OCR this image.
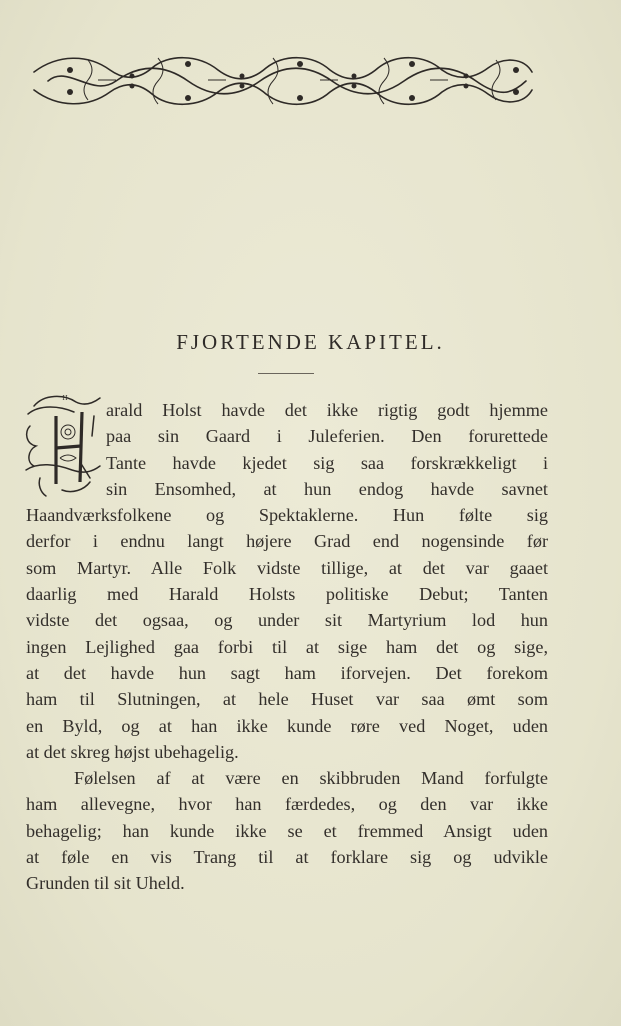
FJORTENDE KAPITEL.
H
arald Holst havde det ikke rigtig godt hjemme
paa sin Gaard i Juleferien. Den forurettede
Tante havde kjedet sig saa forskrækkeligt i
sin Ensomhed, at hun endog havde savnet
Haandværksfolkene og Spektaklerne. Hun følte sig
derfor i endnu langt højere Grad end nogensinde før
som Martyr. Alle Folk vidste tillige, at det var gaaet
daarlig med Harald Holsts politiske Debut; Tanten
vidste det ogsaa, og under sit Martyrium lod hun
ingen Lejlighed gaa forbi til at sige ham det og sige,
at det havde hun sagt ham iforvejen. Det forekom
ham til Slutningen, at hele Huset var saa ømt som
en Byld, og at han ikke kunde røre ved Noget, uden
at det skreg højst ubehagelig.
Følelsen af at være en skibbruden Mand forfulgte
ham allevegne, hvor han færdedes, og den var ikke
behagelig; han kunde ikke se et fremmed Ansigt uden
at føle en vis Trang til at forklare sig og udvikle
Grunden til sit Uheld.
